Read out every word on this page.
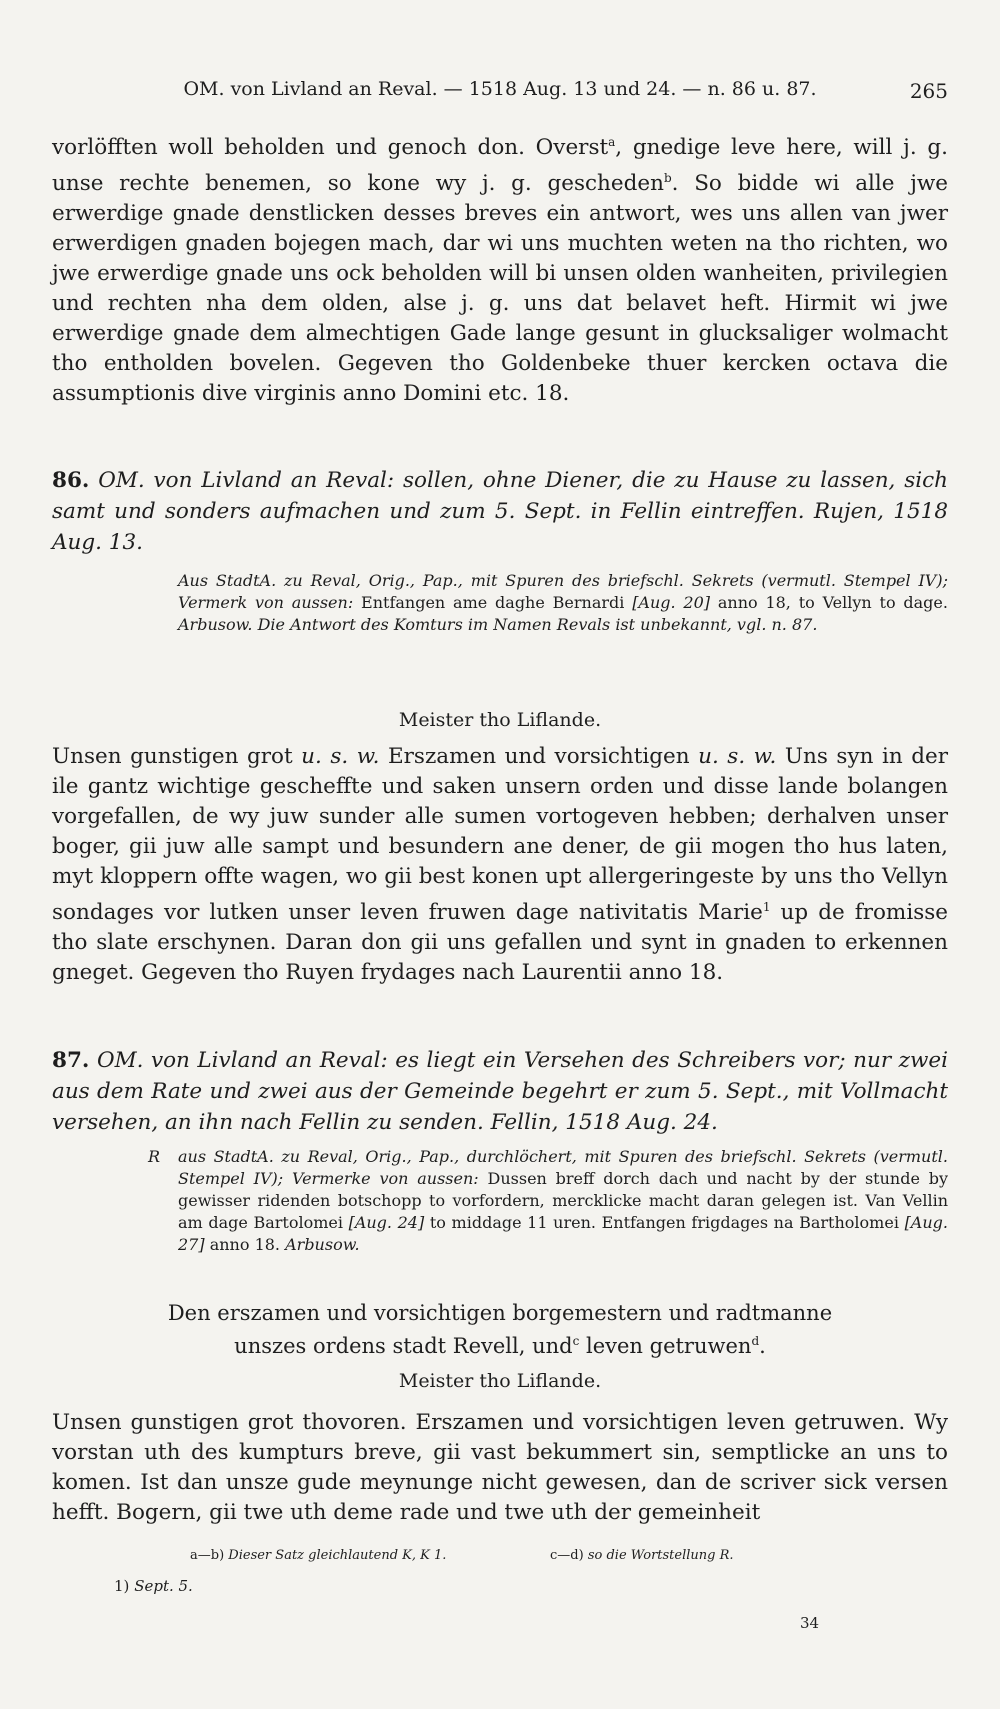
OM. von Livland an Reval. — 1518 Aug. 13 und 24. — n. 86 u. 87.	265
vorlöfften woll beholden und genoch don. Overst$^a$, gnedige leve here, will j. g. unse rechte benemen, so kone wy j. g. gescheden$^b$. So bidde wi alle jwe erwerdige gnade denstlicken desses breves ein antwort, wes uns allen van jwer erwerdigen gnaden bojegen mach, dar wi uns muchten weten na tho richten, wo jwe erwerdige gnade uns ock beholden will bi unsen olden wanheiten, privilegien und rechten nha dem olden, alse j. g. uns dat belavet heft. Hirmit wi jwe erwerdige gnade dem almechtigen Gade lange gesunt in glucksaliger wolmacht tho entholden bovelen. Gegeven tho Goldenbeke thuer kercken octava die assumptionis dive virginis anno Domini etc. 18.
86. OM. von Livland an Reval: sollen, ohne Diener, die zu Hause zu lassen, sich samt und sonders aufmachen und zum 5. Sept. in Fellin eintreffen. Rujen, 1518 Aug. 13.
Aus StadtA. zu Reval, Orig., Pap., mit Spuren des briefschl. Sekrets (vermutl. Stempel IV); Vermerk von aussen: Entfangen ame daghe Bernardi [Aug. 20] anno 18, to Vellyn to dage. Arbusow. Die Antwort des Komturs im Namen Revals ist unbekannt, vgl. n. 87.
Meister tho Liflande.
Unsen gunstigen grot u. s. w. Erszamen und vorsichtigen u. s. w. Uns syn in der ile gantz wichtige gescheffte und saken unsern orden und disse lande bolangen vorgefallen, de wy juw sunder alle sumen vortogeven hebben; derhalven unser boger, gii juw alle sampt und besundern ane dener, de gii mogen tho hus laten, myt kloppern offte wagen, wo gii best konen upt allergeringeste by uns tho Vellyn sondages vor lutken unser leven fruwen dage nativitatis Marie$^1$ up de fromisse tho slate erschynen. Daran don gii uns gefallen und synt in gnaden to erkennen gneget. Gegeven tho Ruyen frydages nach Laurentii anno 18.
87. OM. von Livland an Reval: es liegt ein Versehen des Schreibers vor; nur zwei aus dem Rate und zwei aus der Gemeinde begehrt er zum 5. Sept., mit Vollmacht versehen, an ihn nach Fellin zu senden. Fellin, 1518 Aug. 24.
R aus StadtA. zu Reval, Orig., Pap., durchlöchert, mit Spuren des briefschl. Sekrets (vermutl. Stempel IV); Vermerke von aussen: Dussen breff dorch dach und nacht by der stunde by gewisser ridenden botschopp to vorfordern, mercklicke macht daran gelegen ist. Van Vellin am dage Bartolomei [Aug. 24] to middage 11 uren. Entfangen frigdages na Bartholomei [Aug. 27] anno 18. Arbusow.
Den erszamen und vorsichtigen borgemestern und radtmanne
unszes ordens stadt Revell, und$^c$ leven getruwen$^d$.
Meister tho Liflande.
Unsen gunstigen grot thovoren. Erszamen und vorsichtigen leven getruwen. Wy vorstan uth des kumpturs breve, gii vast bekummert sin, semptlicke an uns to komen. Ist dan unsze gude meynunge nicht gewesen, dan de scriver sick versen hefft. Bogern, gii twe uth deme rade und twe uth der gemeinheit
a—b) Dieser Satz gleichlautend K, K 1.	c—d) so die Wortstellung R.
1) Sept. 5.
34
